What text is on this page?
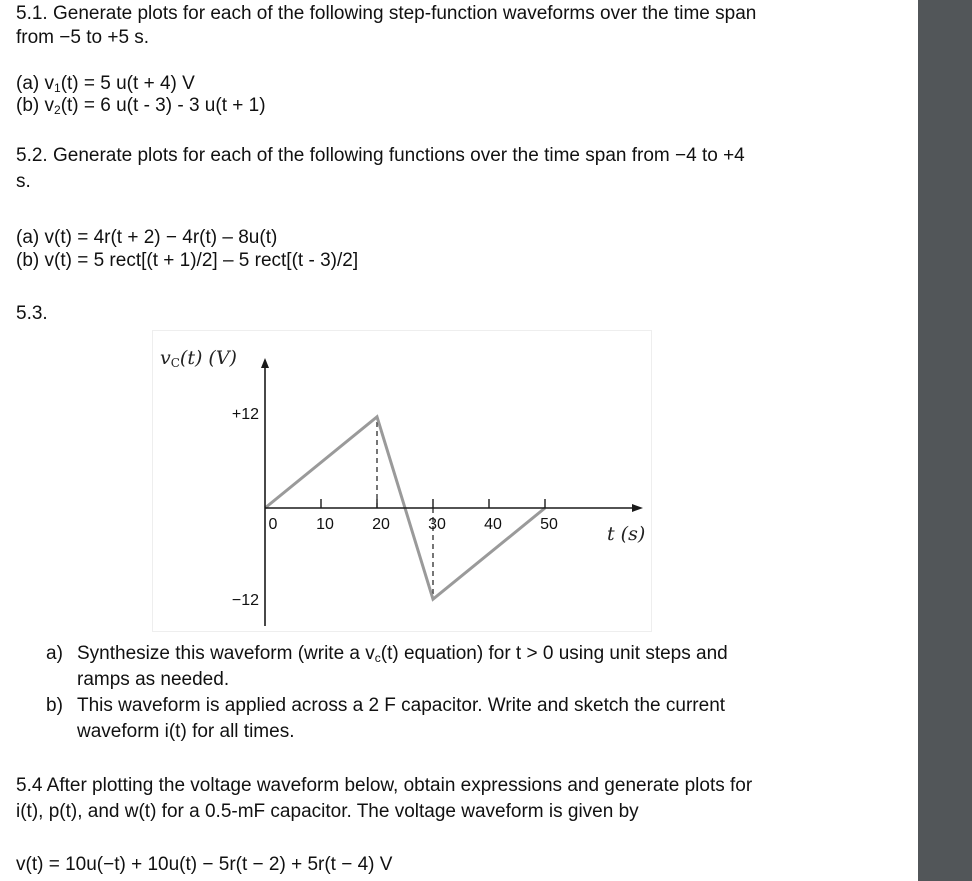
5.1. Generate plots for each of the following step-function waveforms over the time span
from −5 to +5 s.
(a) $v_1(t) = 5$ u(t + 4) V
(b) $v_2(t) = 6$ u(t - 3) - 3 u(t + 1)
5.2. Generate plots for each of the following functions over the time span from −4 to +4
s.
(a) v(t) = 4r(t + 2) − 4r(t) – 8u(t)
(b) v(t) = 5 rect[(t + 1)/2] – 5 rect[(t - 3)/2]
5.3.
0 10 20 30 40 50
+12
−12
vC(t) (V)
t (s)
a) Synthesize this waveform (write a $v_c(t)$ equation) for t > 0 using unit steps and
ramps as needed.
b) This waveform is applied across a 2 F capacitor. Write and sketch the current
waveform i(t) for all times.
5.4 After plotting the voltage waveform below, obtain expressions and generate plots for
i(t), p(t), and w(t) for a 0.5-mF capacitor. The voltage waveform is given by
v(t) = 10u(−t) + 10u(t) − 5r(t − 2) + 5r(t − 4) V
